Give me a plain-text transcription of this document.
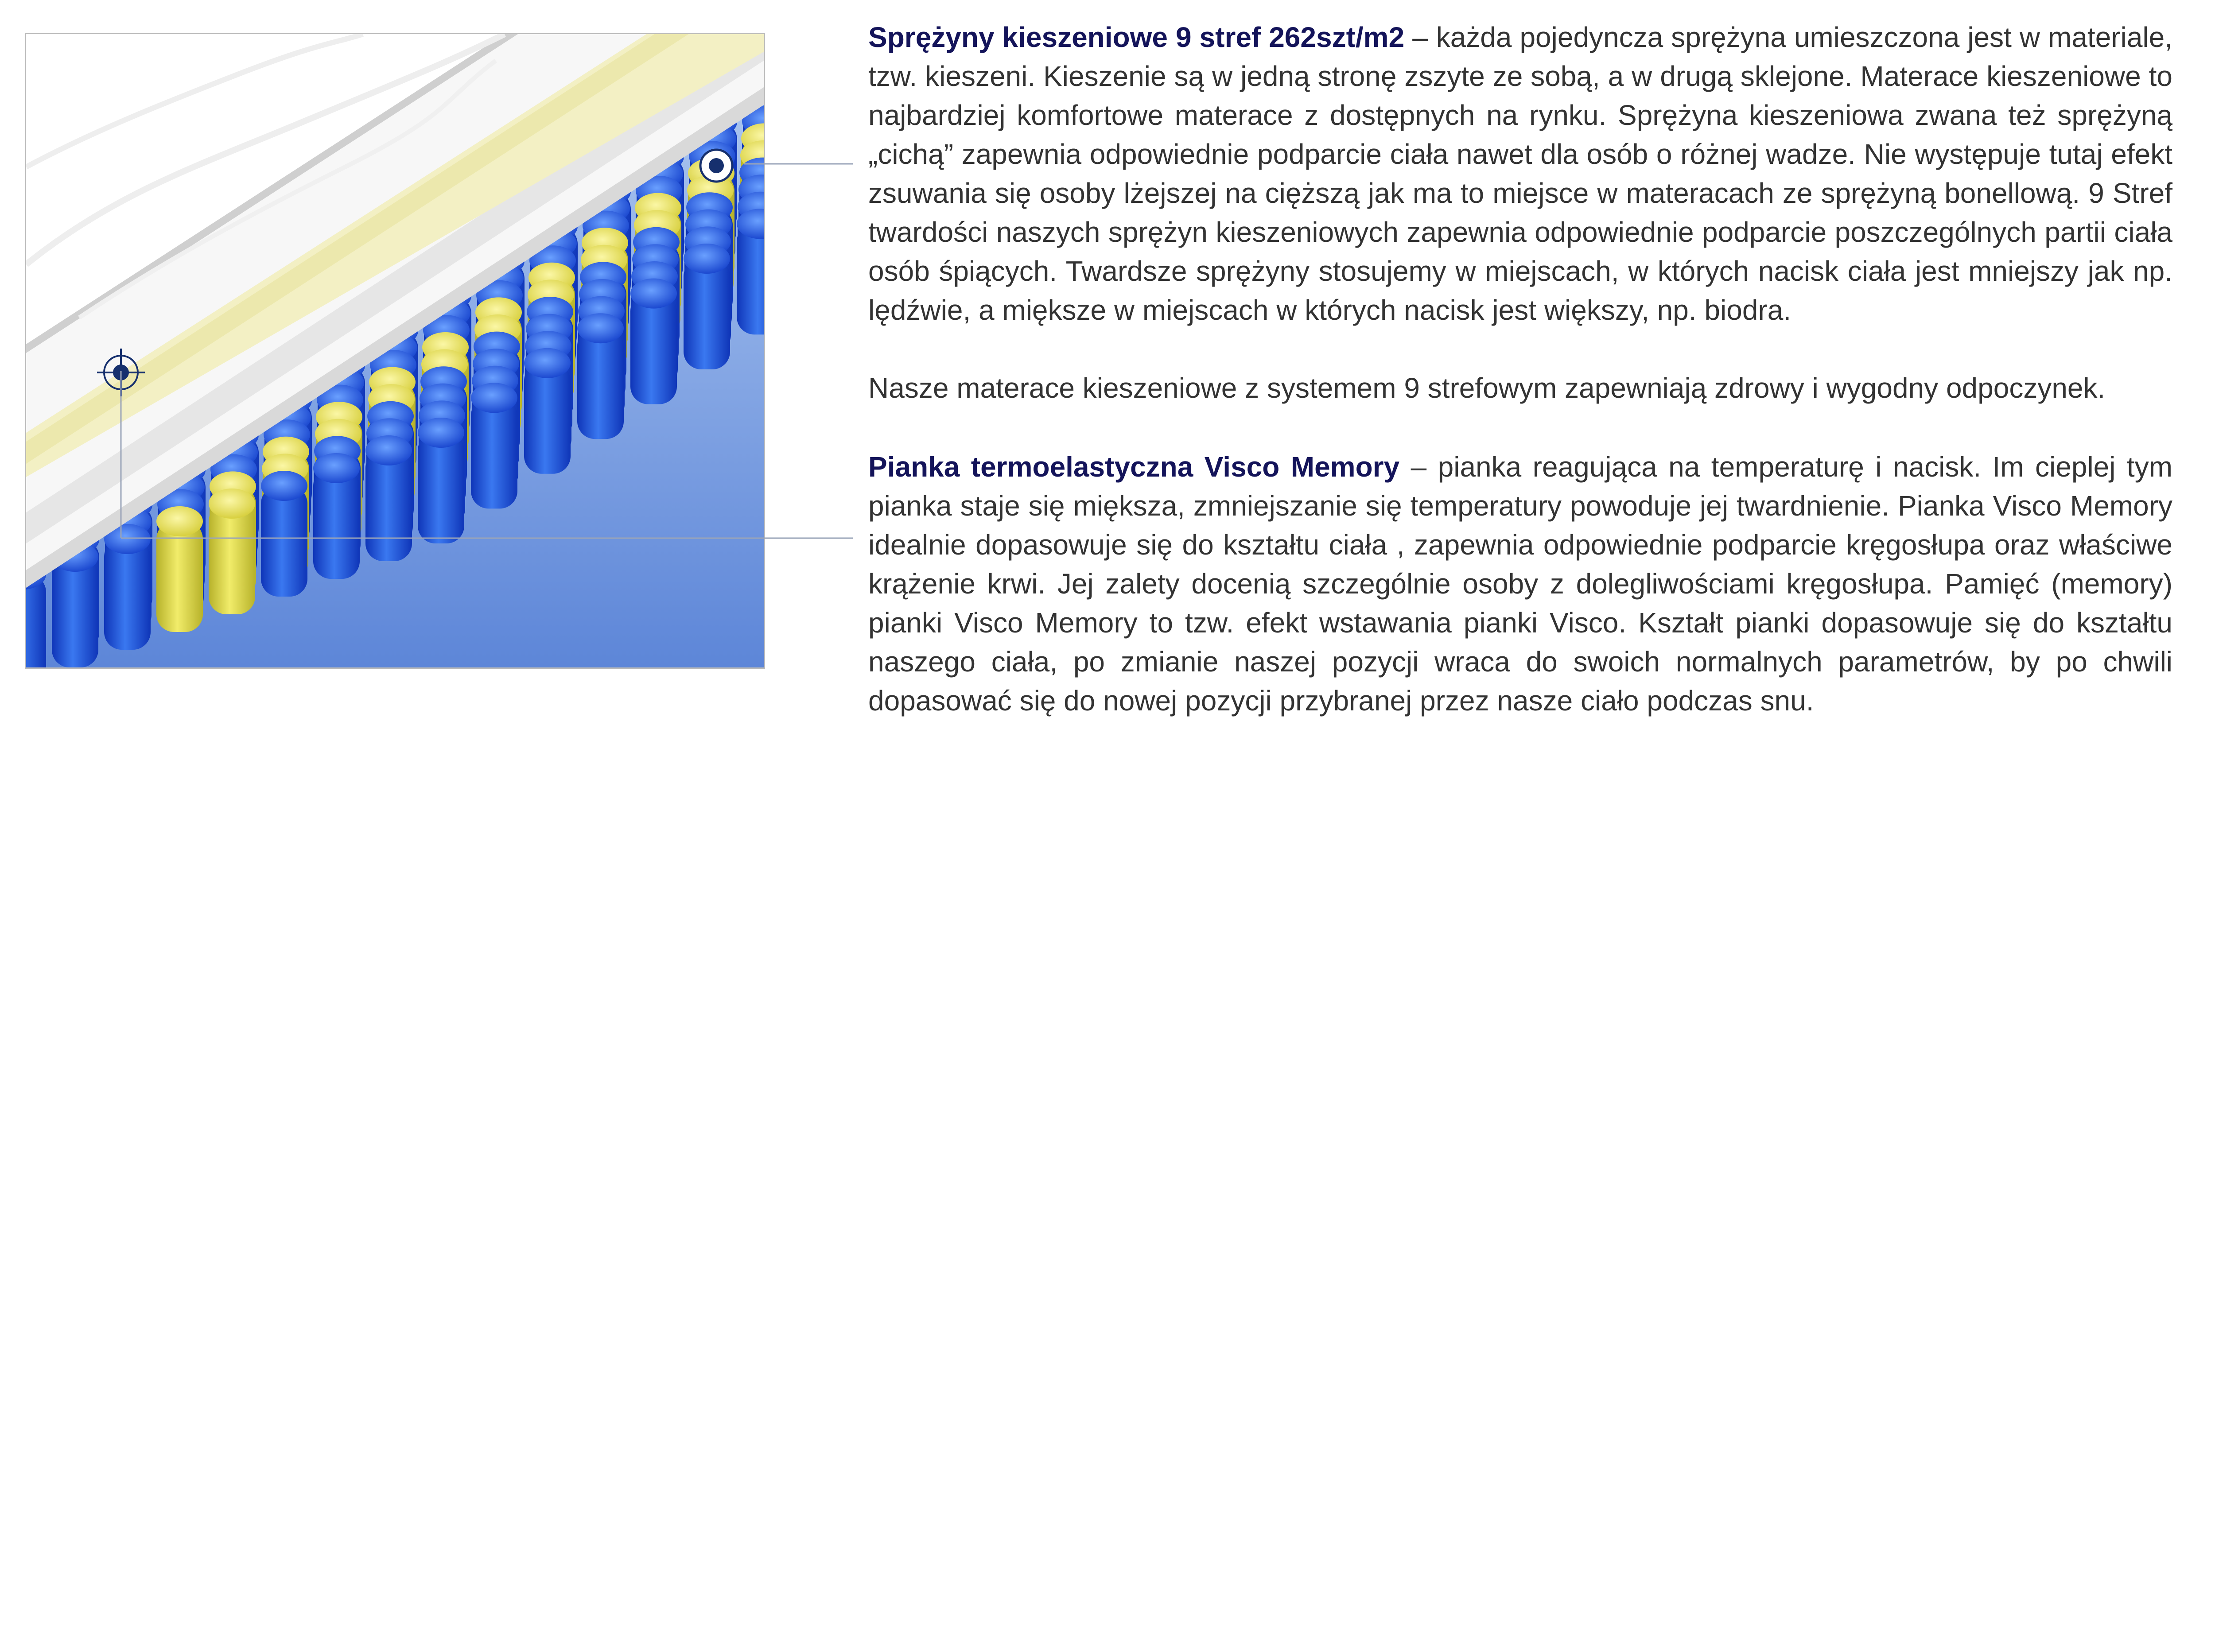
Sprężyny kieszeniowe 9 stref 262szt/m2 – każda pojedyncza sprężyna umieszczona jest w materiale, tzw. kieszeni. Kieszenie są w jedną stronę zszyte ze sobą, a w drugą sklejone. Materace kieszeniowe to najbardziej komfortowe materace z dostępnych na rynku. Sprężyna kieszeniowa zwana też sprężyną „cichą” zapewnia odpowiednie podparcie ciała nawet dla osób o różnej wadze. Nie występuje tutaj efekt zsuwania się osoby lżejszej na cięższą jak ma to miejsce w materacach ze sprężyną bonellową. 9 Stref twardości naszych sprężyn kieszeniowych zapewnia odpowiednie podparcie poszczególnych partii ciała osób śpiących. Twardsze sprężyny stosujemy w miejscach, w których nacisk ciała jest mniejszy jak np. lędźwie, a miększe w miejscach w których nacisk jest większy, np. biodra.

Nasze materace kieszeniowe z systemem 9 strefowym zapewniają zdrowy i wygodny odpoczynek.

Pianka termoelastyczna Visco Memory – pianka reagująca na temperaturę i nacisk. Im cieplej tym pianka staje się miększa, zmniejszanie się temperatury powoduje jej twardnienie. Pianka Visco Memory idealnie dopasowuje się do kształtu ciała , zapewnia odpowiednie podparcie kręgosłupa oraz właściwe krążenie krwi. Jej zalety docenią szczególnie osoby z dolegliwościami kręgosłupa. Pamięć (memory) pianki Visco Memory to tzw. efekt wstawania pianki Visco. Kształt pianki dopasowuje się do kształtu naszego ciała, po zmianie naszej pozycji wraca do swoich normalnych parametrów, by po chwili dopasować się do nowej pozycji przybranej przez nasze ciało podczas snu.
